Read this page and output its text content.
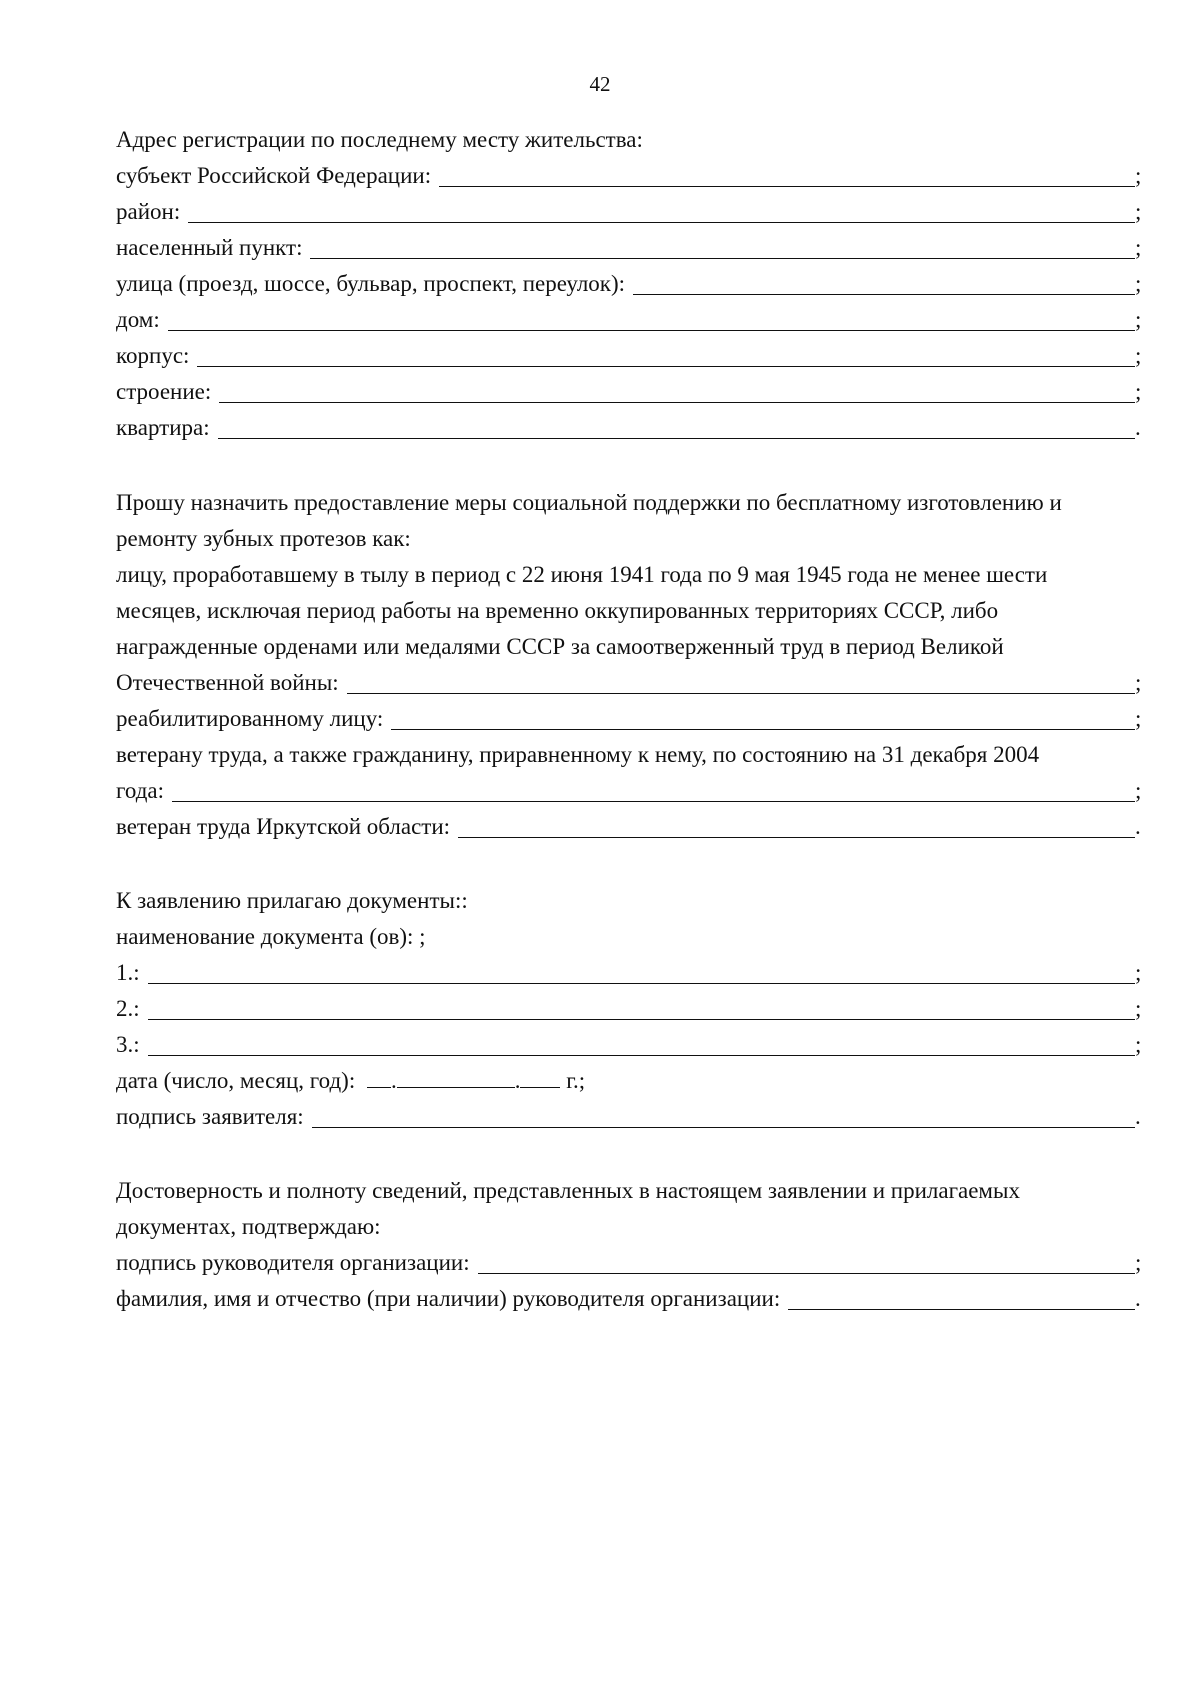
42
Адрес регистрации по последнему месту жительства:
субъект Российской Федерации:	;
район:	;
населенный пункт:	;
улица (проезд, шоссе, бульвар, проспект, переулок):	;
дом:	;
корпус:	;
строение:	;
квартира:	.
Прошу назначить предоставление меры социальной поддержки по бесплатному изготовлению и
ремонту зубных протезов как:
лицу, проработавшему в тылу в период с 22 июня 1941 года по 9 мая 1945 года не менее шести
месяцев, исключая период работы на временно оккупированных территориях СССР, либо
награжденные орденами или медалями СССР за самоотверженный труд в период Великой
Отечественной войны:	;
реабилитированному лицу:	;
ветерану труда, а также гражданину, приравненному к нему, по состоянию на 31 декабря 2004
года:	;
ветеран труда Иркутской области:	.
К заявлению прилагаю документы::
наименование документа (ов): ;
1.:	;
2.:	;
3.:	;
дата (число, месяц, год): .	. г.;
подпись заявителя:	.
Достоверность и полноту сведений, представленных в настоящем заявлении и прилагаемых
документах, подтверждаю:
подпись руководителя организации:	;
фамилия, имя и отчество (при наличии) руководителя организации:	.
